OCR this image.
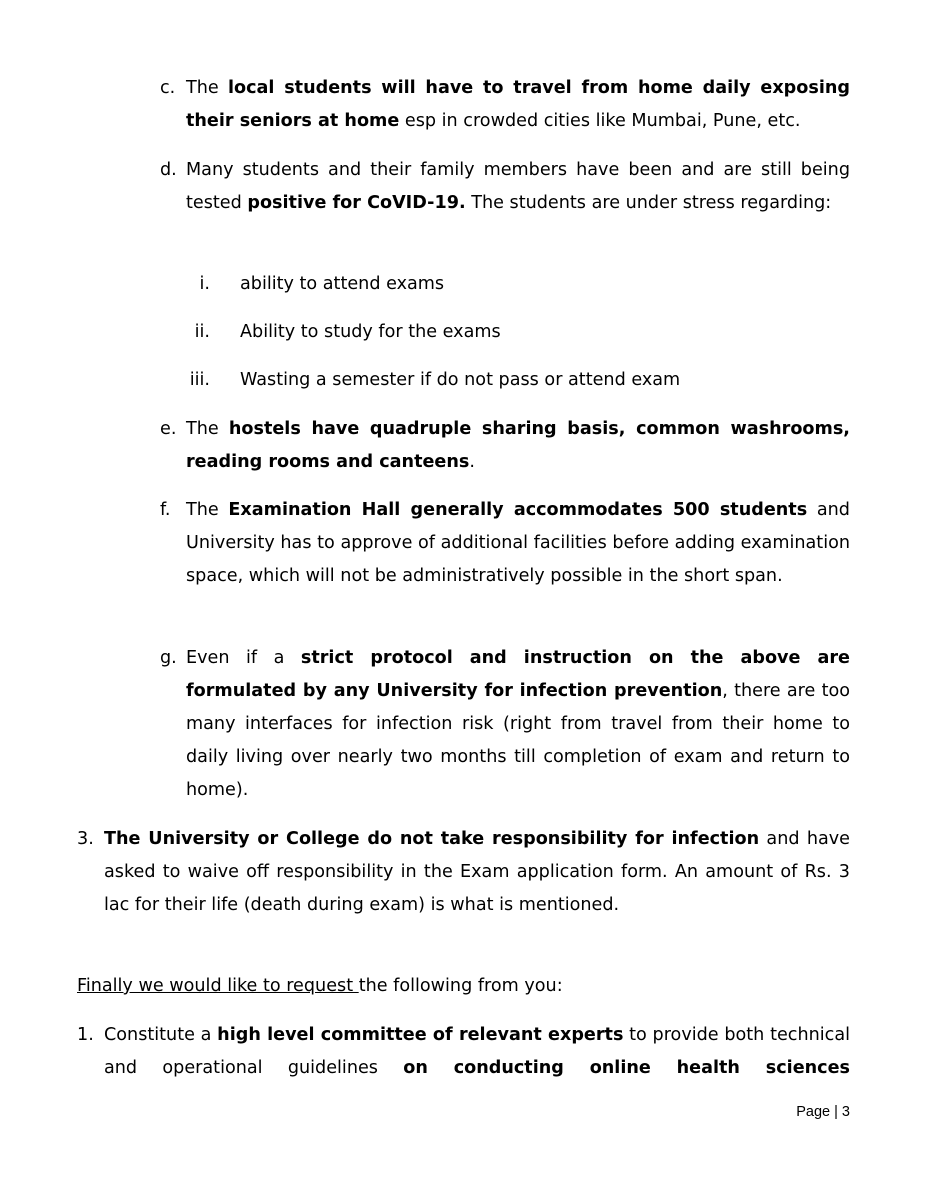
c. The local students will have to travel from home daily exposing their seniors at home esp in crowded cities like Mumbai, Pune, etc.
d. Many students and their family members have been and are still being tested positive for CoVID-19. The students are under stress regarding:
i. ability to attend exams
ii. Ability to study for the exams
iii. Wasting a semester if do not pass or attend exam
e. The hostels have quadruple sharing basis, common washrooms, reading rooms and canteens.
f. The Examination Hall generally accommodates 500 students and University has to approve of additional facilities before adding examination space, which will not be administratively possible in the short span.
g. Even if a strict protocol and instruction on the above are formulated by any University for infection prevention, there are too many interfaces for infection risk (right from travel from their home to daily living over nearly two months till completion of exam and return to home).
3. The University or College do not take responsibility for infection and have asked to waive off responsibility in the Exam application form. An amount of Rs. 3 lac for their life (death during exam) is what is mentioned.
Finally we would like to request the following from you:
1. Constitute a high level committee of relevant experts to provide both technical and operational guidelines on conducting online health sciences
Page | 3
